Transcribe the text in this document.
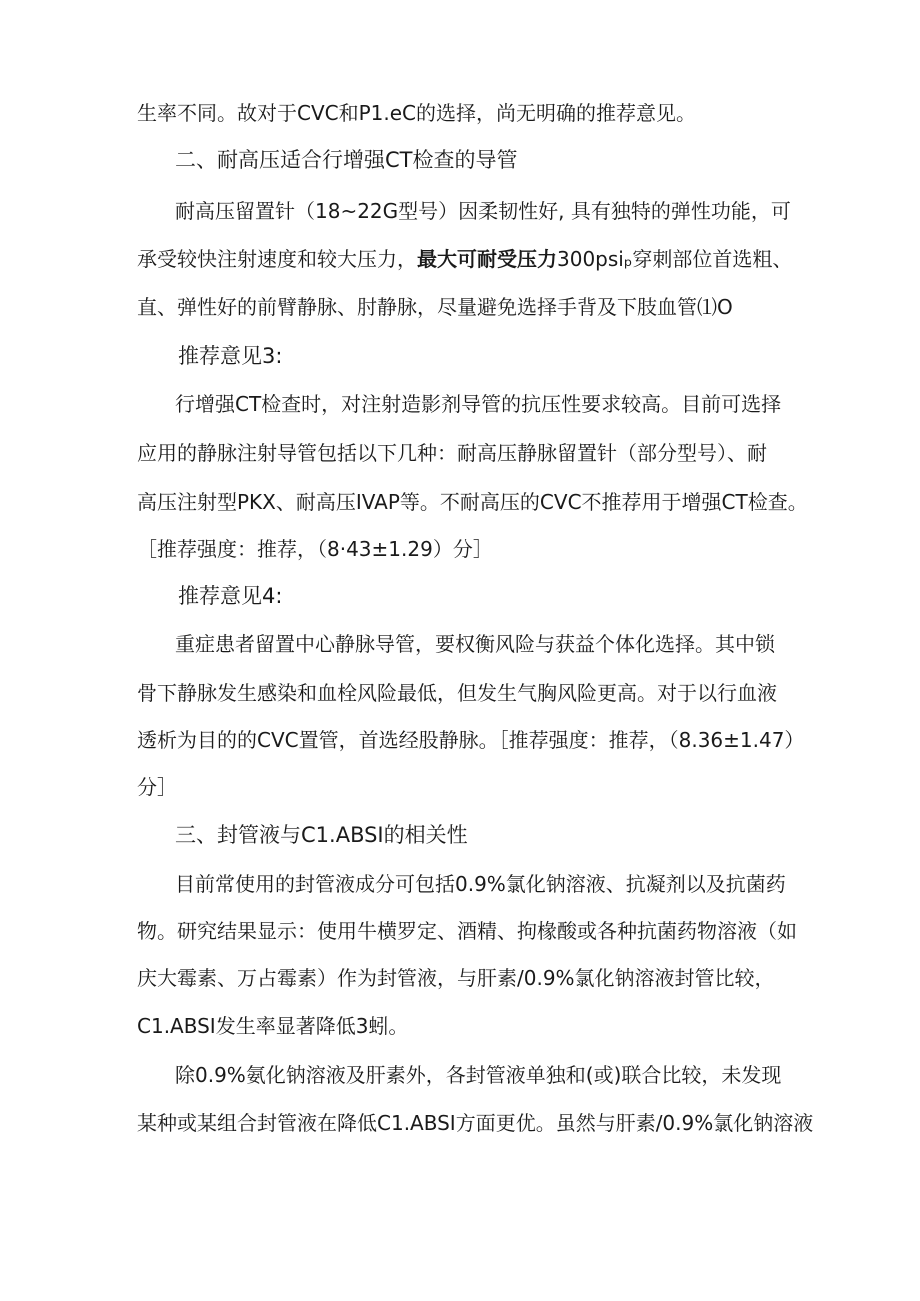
生率不同。故对于CVC和P1.eC的选择，尚无明确的推荐意见。

二、耐高压适合行增强CT检查的导管

耐高压留置针（18~22G型号）因柔韧性好, 具有独特的弹性功能，可

承受较快注射速度和较大压力，最大可耐受压力300psiₚ穿刺部位首选粗、

直、弹性好的前臂静脉、肘静脉，尽量避免选择手背及下肢血管⑴O

推荐意见3:

行增强CT检查时，对注射造影剂导管的抗压性要求较高。目前可选择

应用的静脉注射导管包括以下几种：耐高压静脉留置针（部分型号）、耐

高压注射型PKX、耐高压IVAP等。不耐高压的CVC不推荐用于增强CT检查。

［推荐强度：推荐，（8·43±1.29）分］

推荐意见4:

重症患者留置中心静脉导管，要权衡风险与获益个体化选择。其中锁

骨下静脉发生感染和血栓风险最低，但发生气胸风险更高。对于以行血液

透析为目的的CVC置管，首选经股静脉。［推荐强度：推荐，（8.36±1.47）

分］

三、封管液与C1.ABSI的相关性

目前常使用的封管液成分可包括0.9%氯化钠溶液、抗凝剂以及抗菌药

物。研究结果显示：使用牛横罗定、酒精、拘椽酸或各种抗菌药物溶液（如

庆大霉素、万占霉素）作为封管液，与肝素/0.9%氯化钠溶液封管比较，

C1.ABSI发生率显著降低3蚓。

除0.9%氨化钠溶液及肝素外，各封管液单独和(或)联合比较，未发现

某种或某组合封管液在降低C1.ABSI方面更优。虽然与肝素/0.9%氯化钠溶液
